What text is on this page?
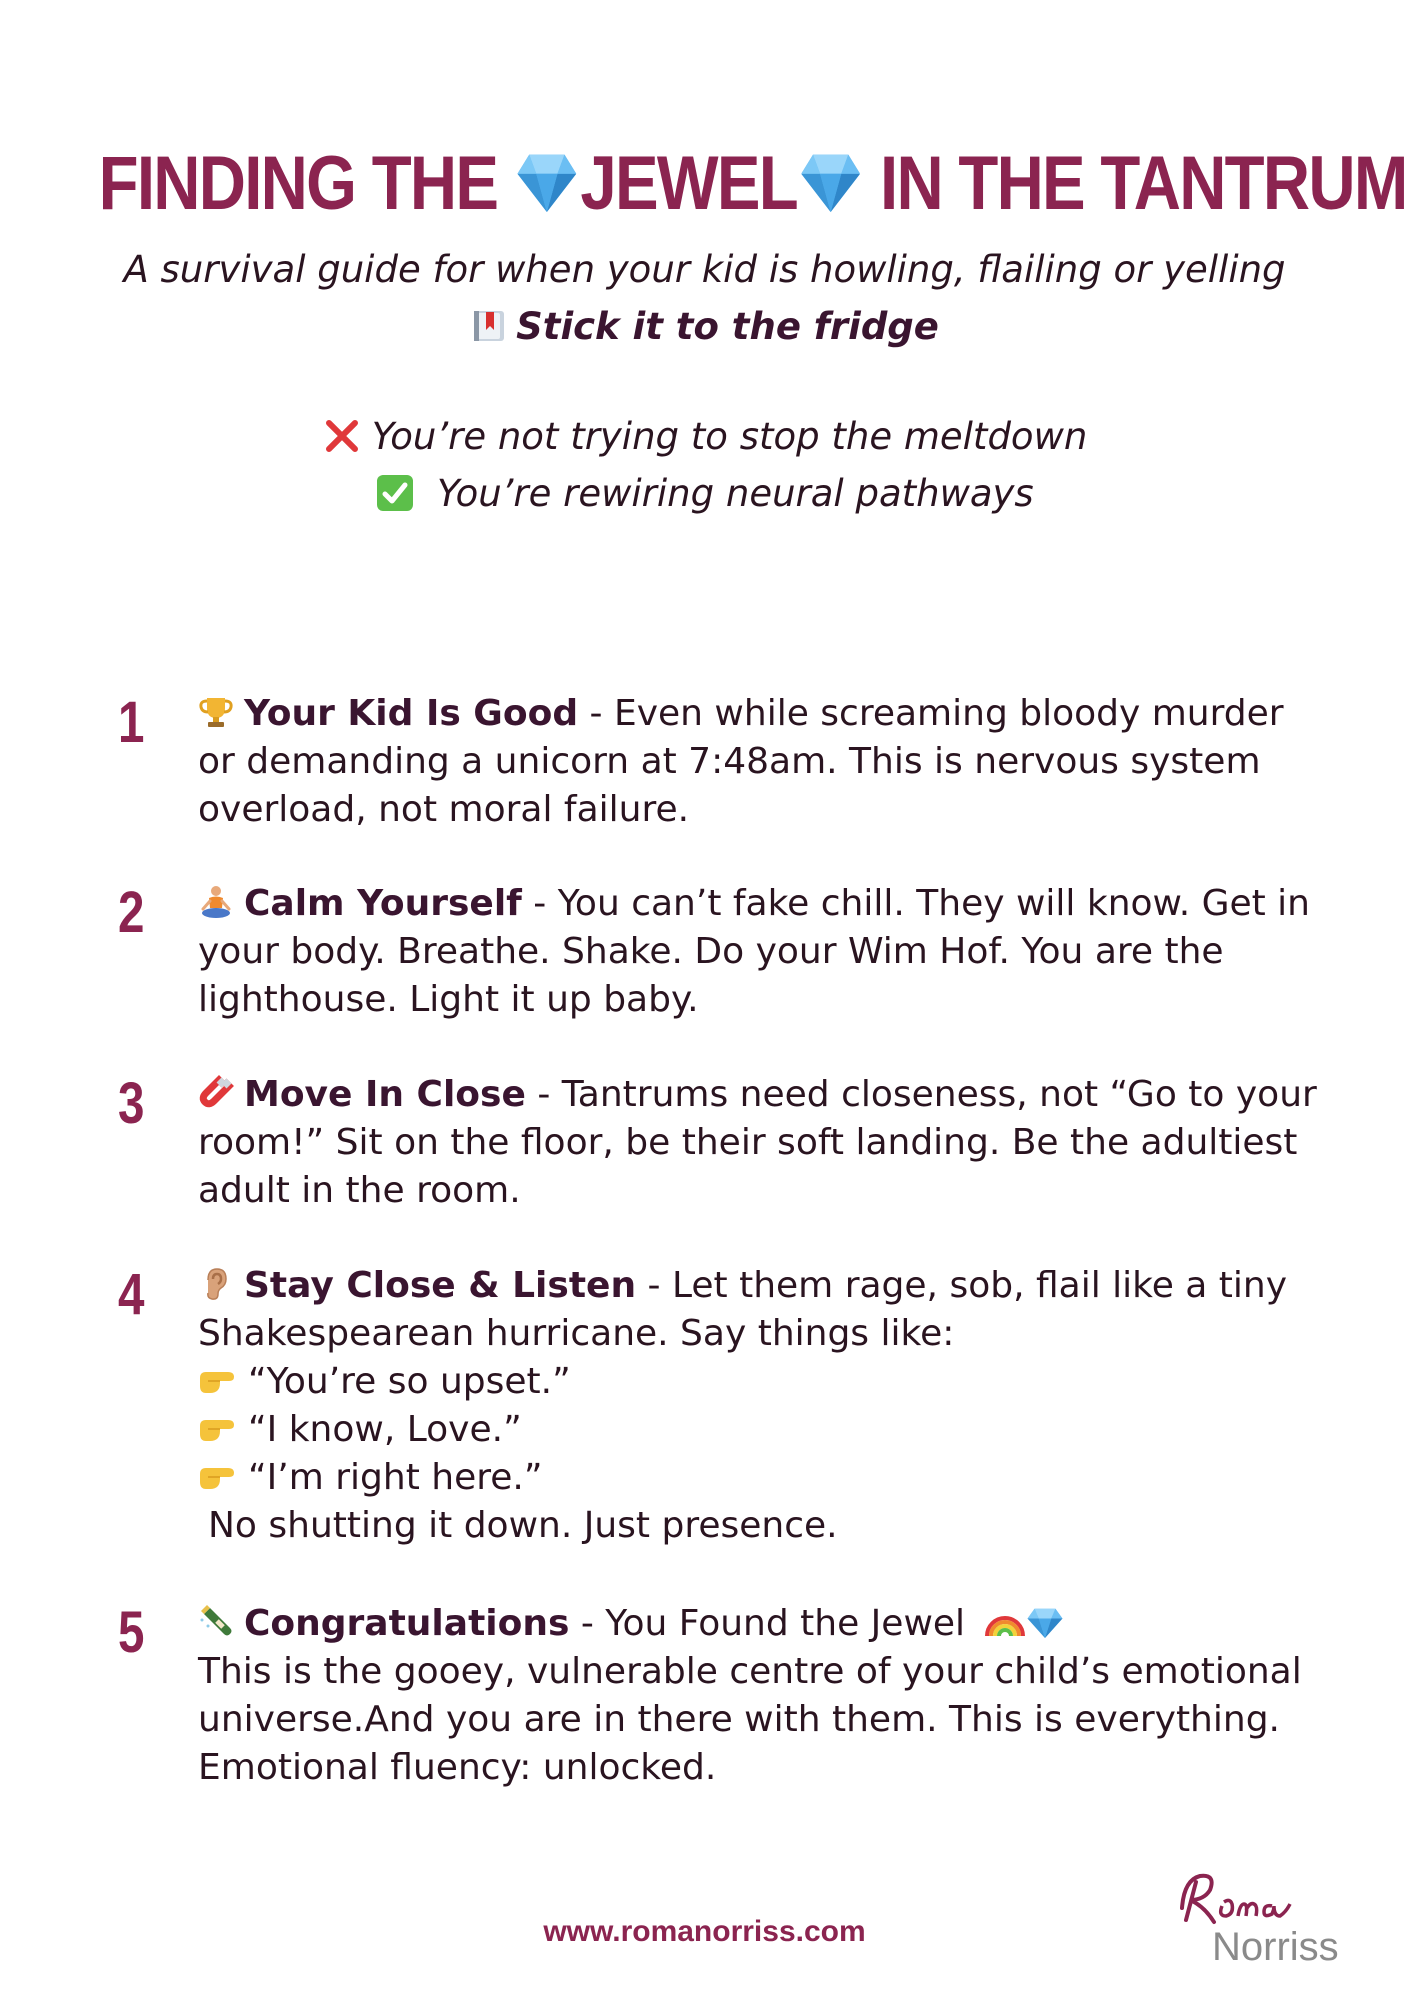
FINDING THE JEWEL IN THE TANTRUM
A survival guide for when your kid is howling, flailing or yelling
Stick it to the fridge
You’re not trying to stop the meltdown
You’re rewiring neural pathways
1	Your Kid Is Good - Even while screaming bloody murder or demanding a unicorn at 7:48am. This is nervous system overload, not moral failure.
2	Calm Yourself - You can’t fake chill. They will know. Get in your body. Breathe. Shake. Do your Wim Hof. You are the lighthouse. Light it up baby.
3	Move In Close - Tantrums need closeness, not “Go to your room!” Sit on the floor, be their soft landing. Be the adultiest adult in the room.
4	Stay Close & Listen - Let them rage, sob, flail like a tiny Shakespearean hurricane. Say things like:
“You’re so upset.”
“I know, Love.”
“I’m right here.”
No shutting it down. Just presence.
5	Congratulations - You Found the Jewel
This is the gooey, vulnerable centre of your child’s emotional universe.And you are in there with them. This is everything. Emotional fluency: unlocked.
www.romanorriss.com	Norriss
